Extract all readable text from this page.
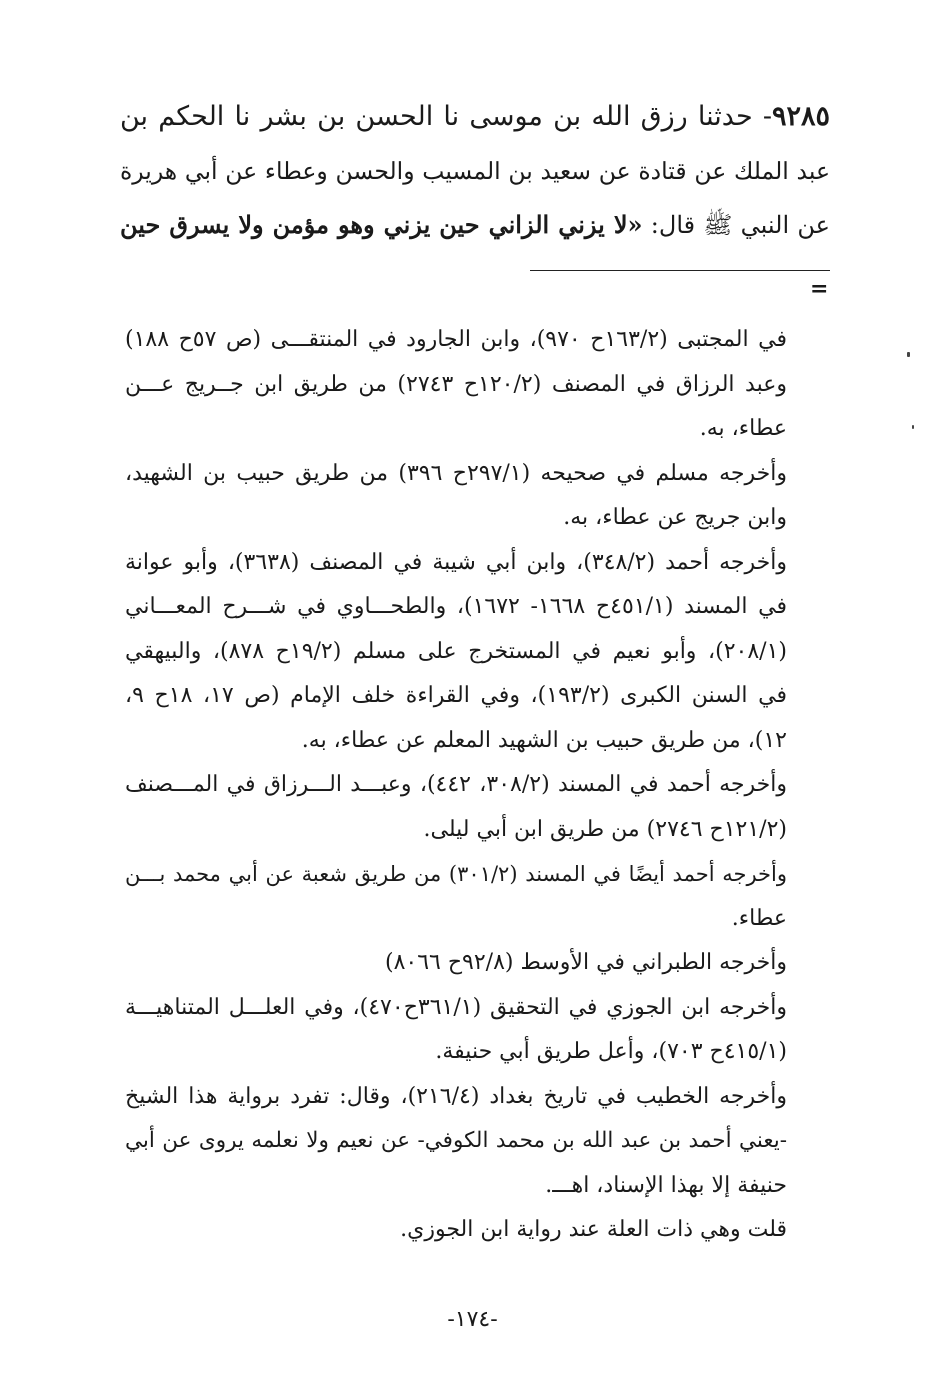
٩٢٨٥- حدثنا رزق الله بن موسى نا الحسن بن بشر نا الحكم بن
عبد الملك عن قتادة عن سعيد بن المسيب والحسن وعطاء عن أبي هريرة
عن النبي ﷺ قال: «لا يزني الزاني حين يزني وهو مؤمن ولا يسرق حين
=
في المجتبى (١٦٣/٢ح ٩٧٠)، وابن الجارود في المنتقـــى (ص ٥٧ح ١٨٨)
وعبد الرزاق في المصنف (١٢٠/٢ح ٢٧٤٣) من طريق ابن جــريج عـــن
عطاء، به.
وأخرجه مسلم في صحيحه (٢٩٧/١ح ٣٩٦) من طريق حبيب بن الشهيد،
وابن جريج عن عطاء، به.
وأخرجه أحمد (٣٤٨/٢)، وابن أبي شيبة في المصنف (٣٦٣٨)، وأبو عوانة
في المسند (٤٥١/١ح ١٦٦٨- ١٦٧٢)، والطحـــاوي في شـــرح المعـــاني
(٢٠٨/١)، وأبو نعيم في المستخرج على مسلم (١٩/٢ح ٨٧٨)، والبيهقي
في السنن الكبرى (١٩٣/٢)، وفي القراءة خلف الإمام (ص ١٧، ١٨ح ٩،
١٢)، من طريق حبيب بن الشهيد المعلم عن عطاء، به.
وأخرجه أحمد في المسند (٣٠٨/٢، ٤٤٢)، وعبـــد الـــرزاق في المـــصنف
(١٢١/٢ح ٢٧٤٦) من طريق ابن أبي ليلى.
وأخرجه أحمد أيضًا في المسند (٣٠١/٢) من طريق شعبة عن أبي محمد بـــن
عطاء.
وأخرجه الطبراني في الأوسط (٩٢/٨ح ٨٠٦٦)
وأخرجه ابن الجوزي في التحقيق (٣٦١/١ح٤٧٠)، وفي العلـــل المتناهيـــة
(٤١٥/١ح ٧٠٣)، وأعل طريق أبي حنيفة.
وأخرجه الخطيب في تاريخ بغداد (٢١٦/٤)، وقال: تفرد برواية هذا الشيخ
-يعني أحمد بن عبد الله بن محمد الكوفي- عن نعيم ولا نعلمه يروى عن أبي
حنيفة إلا بهذا الإسناد، اهـــ.
قلت وهي ذات العلة عند رواية ابن الجوزي.
-١٧٤-
